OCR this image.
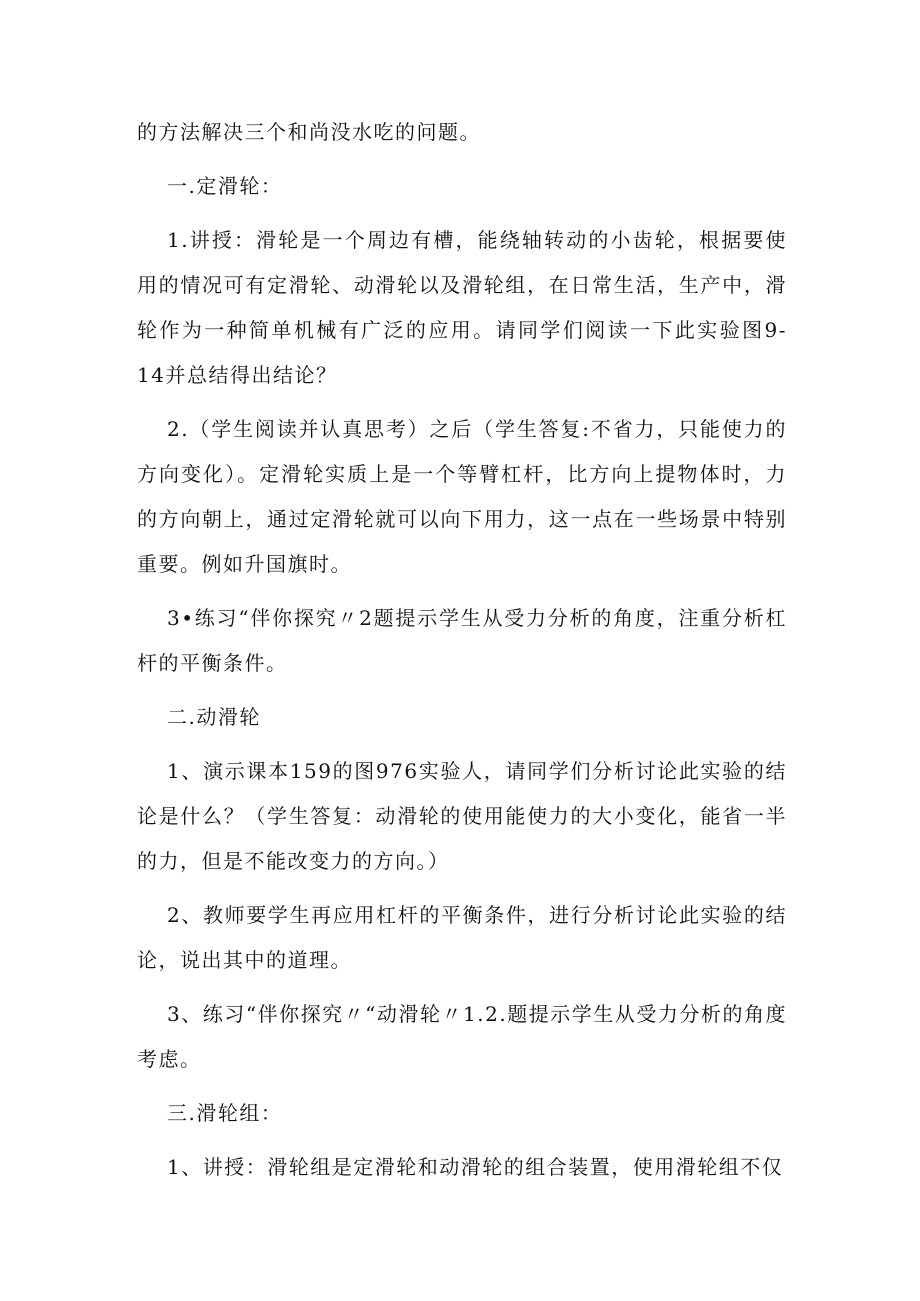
的方法解决三个和尚没水吃的问题。

一.定滑轮：

1.讲授：滑轮是一个周边有槽，能绕轴转动的小齿轮，根据要使用的情况可有定滑轮、动滑轮以及滑轮组，在日常生活，生产中，滑轮作为一种简单机械有广泛的应用。请同学们阅读一下此实验图9-14并总结得出结论？

2.（学生阅读并认真思考）之后（学生答复:不省力，只能使力的方向变化）。定滑轮实质上是一个等臂杠杆，比方向上提物体时，力的方向朝上，通过定滑轮就可以向下用力，这一点在一些场景中特别重要。例如升国旗时。

3•练习“伴你探究〃2题提示学生从受力分析的角度，注重分析杠杆的平衡条件。

二.动滑轮

1、演示课本159的图976实验人，请同学们分析讨论此实验的结论是什么？（学生答复：动滑轮的使用能使力的大小变化，能省一半的力，但是不能改变力的方向。）

2、教师要学生再应用杠杆的平衡条件，进行分析讨论此实验的结论，说出其中的道理。

3、练习“伴你探究〃“动滑轮〃1.2.题提示学生从受力分析的角度考虑。

三.滑轮组：

1、讲授：滑轮组是定滑轮和动滑轮的组合装置，使用滑轮组不仅
